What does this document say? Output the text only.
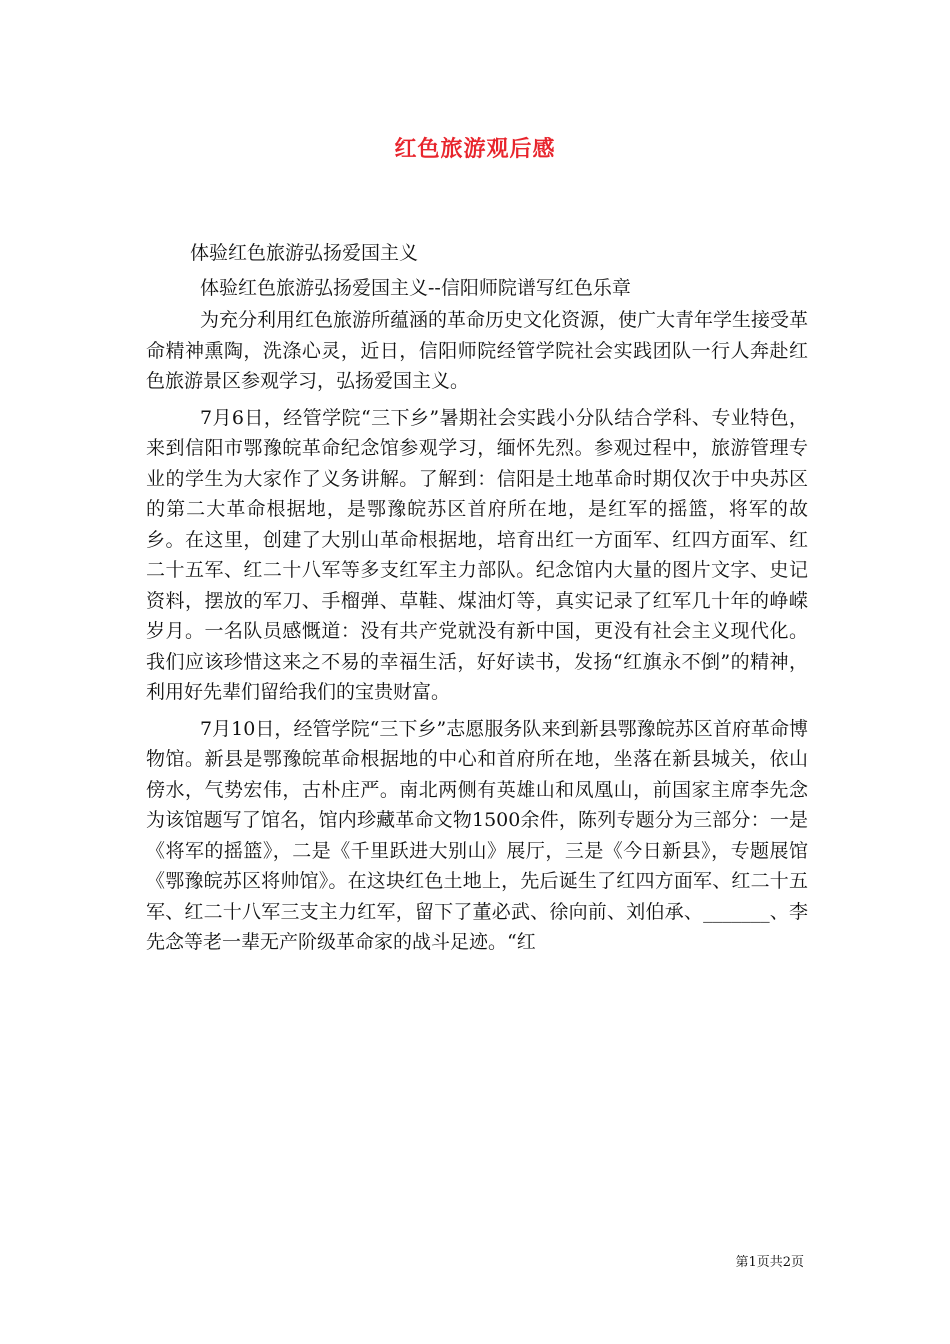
红色旅游观后感

体验红色旅游弘扬爱国主义

体验红色旅游弘扬爱国主义--信阳师院谱写红色乐章

为充分利用红色旅游所蕴涵的革命历史文化资源，使广大青年学生接受革命精神熏陶，洗涤心灵，近日，信阳师院经管学院社会实践团队一行人奔赴红色旅游景区参观学习，弘扬爱国主义。

7月6日，经管学院“三下乡”暑期社会实践小分队结合学科、专业特色，来到信阳市鄂豫皖革命纪念馆参观学习，缅怀先烈。参观过程中，旅游管理专业的学生为大家作了义务讲解。了解到：信阳是土地革命时期仅次于中央苏区的第二大革命根据地，是鄂豫皖苏区首府所在地，是红军的摇篮，将军的故乡。在这里，创建了大别山革命根据地，培育出红一方面军、红四方面军、红二十五军、红二十八军等多支红军主力部队。纪念馆内大量的图片文字、史记资料，摆放的军刀、手榴弹、草鞋、煤油灯等，真实记录了红军几十年的峥嵘岁月。一名队员感慨道：没有共产党就没有新中国，更没有社会主义现代化。我们应该珍惜这来之不易的幸福生活，好好读书，发扬“红旗永不倒”的精神，利用好先辈们留给我们的宝贵财富。

7月10日，经管学院“三下乡”志愿服务队来到新县鄂豫皖苏区首府革命博物馆。新县是鄂豫皖革命根据地的中心和首府所在地，坐落在新县城关，依山傍水，气势宏伟，古朴庄严。南北两侧有英雄山和凤凰山，前国家主席李先念为该馆题写了馆名，馆内珍藏革命文物1500余件，陈列专题分为三部分：一是《将军的摇篮》，二是《千里跃进大别山》展厅，三是《今日新县》，专题展馆《鄂豫皖苏区将帅馆》。在这块红色土地上，先后诞生了红四方面军、红二十五军、红二十八军三支主力红军，留下了董必武、徐向前、刘伯承、_______、李先念等老一辈无产阶级革命家的战斗足迹。“红

第1页共2页
